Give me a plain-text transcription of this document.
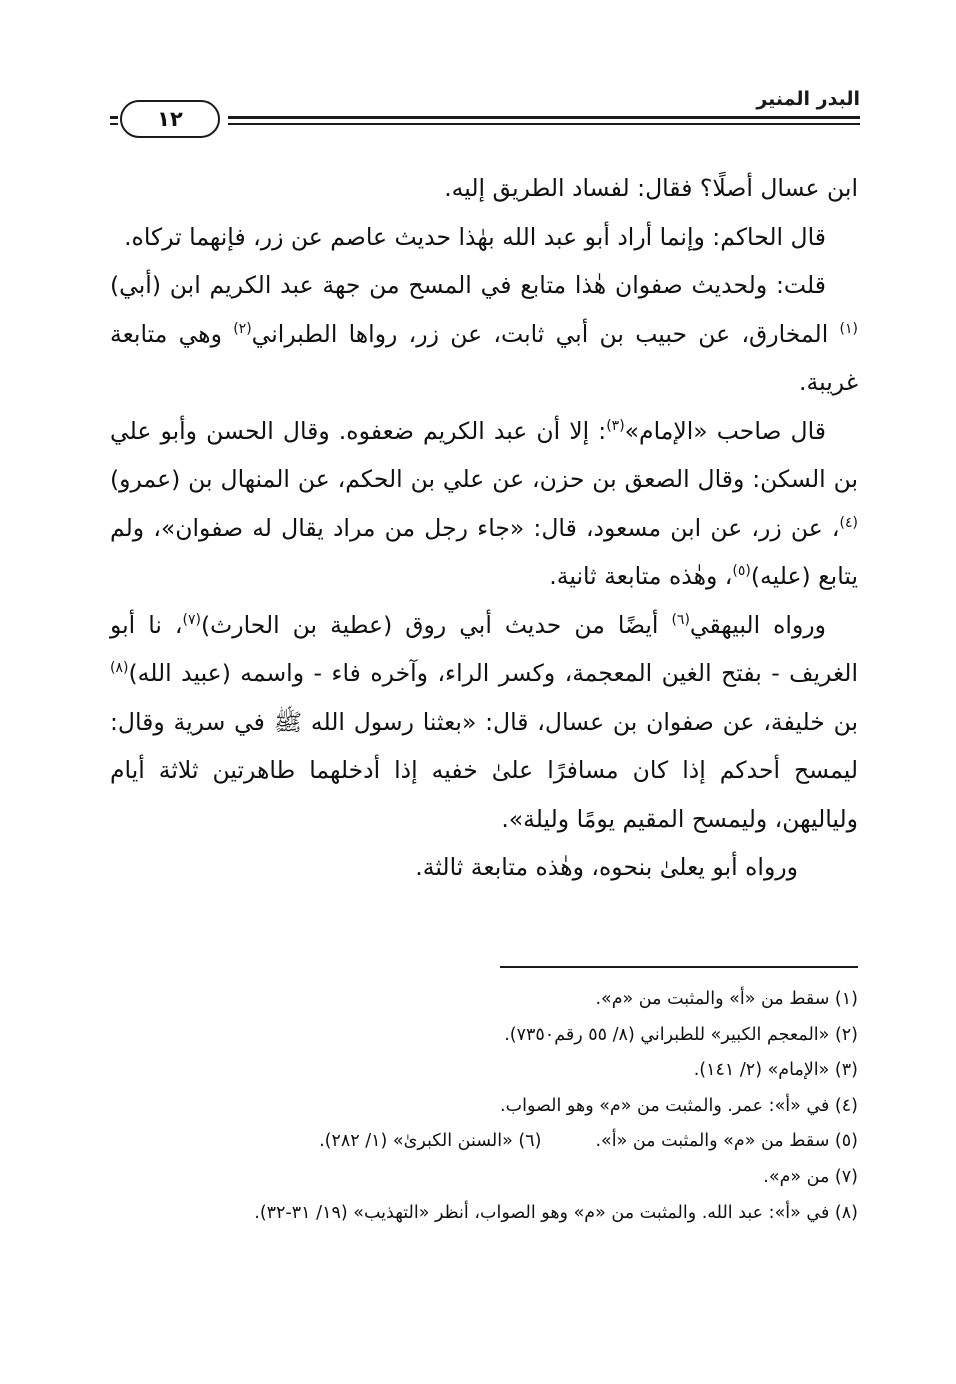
١٢
البدر المنير

ابن عسال أصلًا؟ فقال: لفساد الطريق إليه.

قال الحاكم: وإنما أراد أبو عبد الله بهٰذا حديث عاصم عن زر، فإنهما تركاه.

قلت: ولحديث صفوان هٰذا متابع في المسح من جهة عبد الكريم ابن (أبي)$^{(١)}$ المخارق، عن حبيب بن أبي ثابت، عن زر، رواها الطبراني$^{(٢)}$ وهي متابعة غريبة.

قال صاحب «الإمام»$^{(٣)}$: إلا أن عبد الكريم ضعفوه. وقال الحسن وأبو علي بن السكن: وقال الصعق بن حزن، عن علي بن الحكم، عن المنهال بن (عمرو)$^{(٤)}$، عن زر، عن ابن مسعود، قال: «جاء رجل من مراد يقال له صفوان»، ولم يتابع (عليه)$^{(٥)}$، وهٰذه متابعة ثانية.

ورواه البيهقي$^{(٦)}$ أيضًا من حديث أبي روق (عطية بن الحارث)$^{(٧)}$، نا أبو الغريف - بفتح الغين المعجمة، وكسر الراء، وآخره فاء - واسمه (عبيد الله)$^{(٨)}$ بن خليفة، عن صفوان بن عسال، قال: «بعثنا رسول الله ﷺ في سرية وقال: ليمسح أحدكم إذا كان مسافرًا علىٰ خفيه إذا أدخلهما طاهرتين ثلاثة أيام ولياليهن، وليمسح المقيم يومًا وليلة».

ورواه أبو يعلىٰ بنحوه، وهٰذه متابعة ثالثة.

(١) سقط من «أ» والمثبت من «م».

(٢) «المعجم الكبير» للطبراني (٨/ ٥٥ رقم٧٣٥٠).

(٣) «الإمام» (٢/ ١٤١).

(٤) في «أ»: عمر. والمثبت من «م» وهو الصواب.

(٥) سقط من «م» والمثبت من «أ».(٦) «السنن الكبرىٰ» (١/ ٢٨٢).

(٧) من «م».

(٨) في «أ»: عبد الله. والمثبت من «م» وهو الصواب، أنظر «التهذيب» (١٩/ ٣١-٣٢).
